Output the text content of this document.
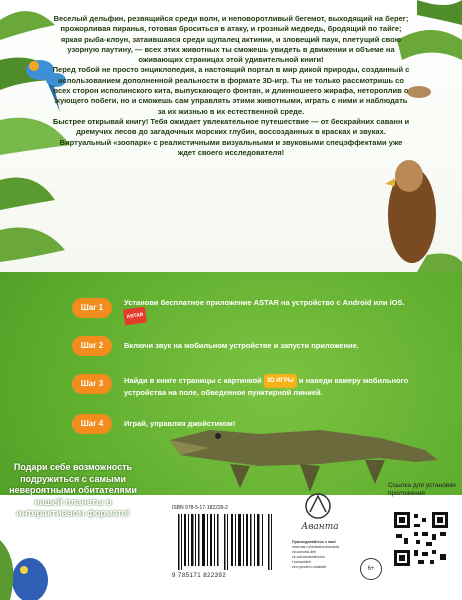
Веселый дельфин, резвящийся среди волн, и неповоротливый бегемот, выходящий на берег; прожорливая пиранья, готовая броситься в атаку, и грозный медведь, бродящий по тайге; яркая рыба-клоун, затаившаяся среди щупалец актинии, и зловещий паук, плетущий свою узорную паутину, — всех этих животных ты сможешь увидеть в движении и объеме на оживающих страницах этой удивительной книги!

Перед тобой не просто энциклопедия, а настоящий портал в мир дикой природы, созданный с использованием дополненной реальности в формате 3D-игр. Ты не только рассмотришь со всех сторон исполинского кита, выпускающего фонтан, и длинношеего жирафа, нетороплив о жующего побеги, но и сможешь сам управлять этими животными, играть с ними и наблюдать за их жизнью в их естественной среде.

Быстрее открывай книгу! Тебя ожидает увлекательное путешествие — от бескрайних саванн и дремучих лесов до загадочных морских глубин, воссозданных в красках и звуках. Виртуальный «зоопарк» с реалистичными визуальными и звуковыми спецэффектами уже ждет своего исследователя!

Шаг 1
Установи бесплатное приложение ASTAR на устройство с Android или iOS. ASTAR
Шаг 2	Включи звук на мобильном устройстве и запусти приложение.
Шаг 3	Найди в книге страницы с картинкой 3D ИГРЫ и наведи камеру мобильного устройства на поле, обведенное пунктирной линией.
Шаг 4	Играй, управляя джойстиком!
Подари себе возможность подружиться с самыми невероятными обитателями нашей планеты в интерактивном формате!	ISBN 978-5-17-182239-2
9 785171 822392
Аванта
Присоединяйтесь к нам!
www.ast.ru/redactions/avanta
vk.com/ast.deti
vk.com/avantabooks
t.me/astdeti
zen.yandex.ru/astdeti	6+
Ссылка для установки приложения
